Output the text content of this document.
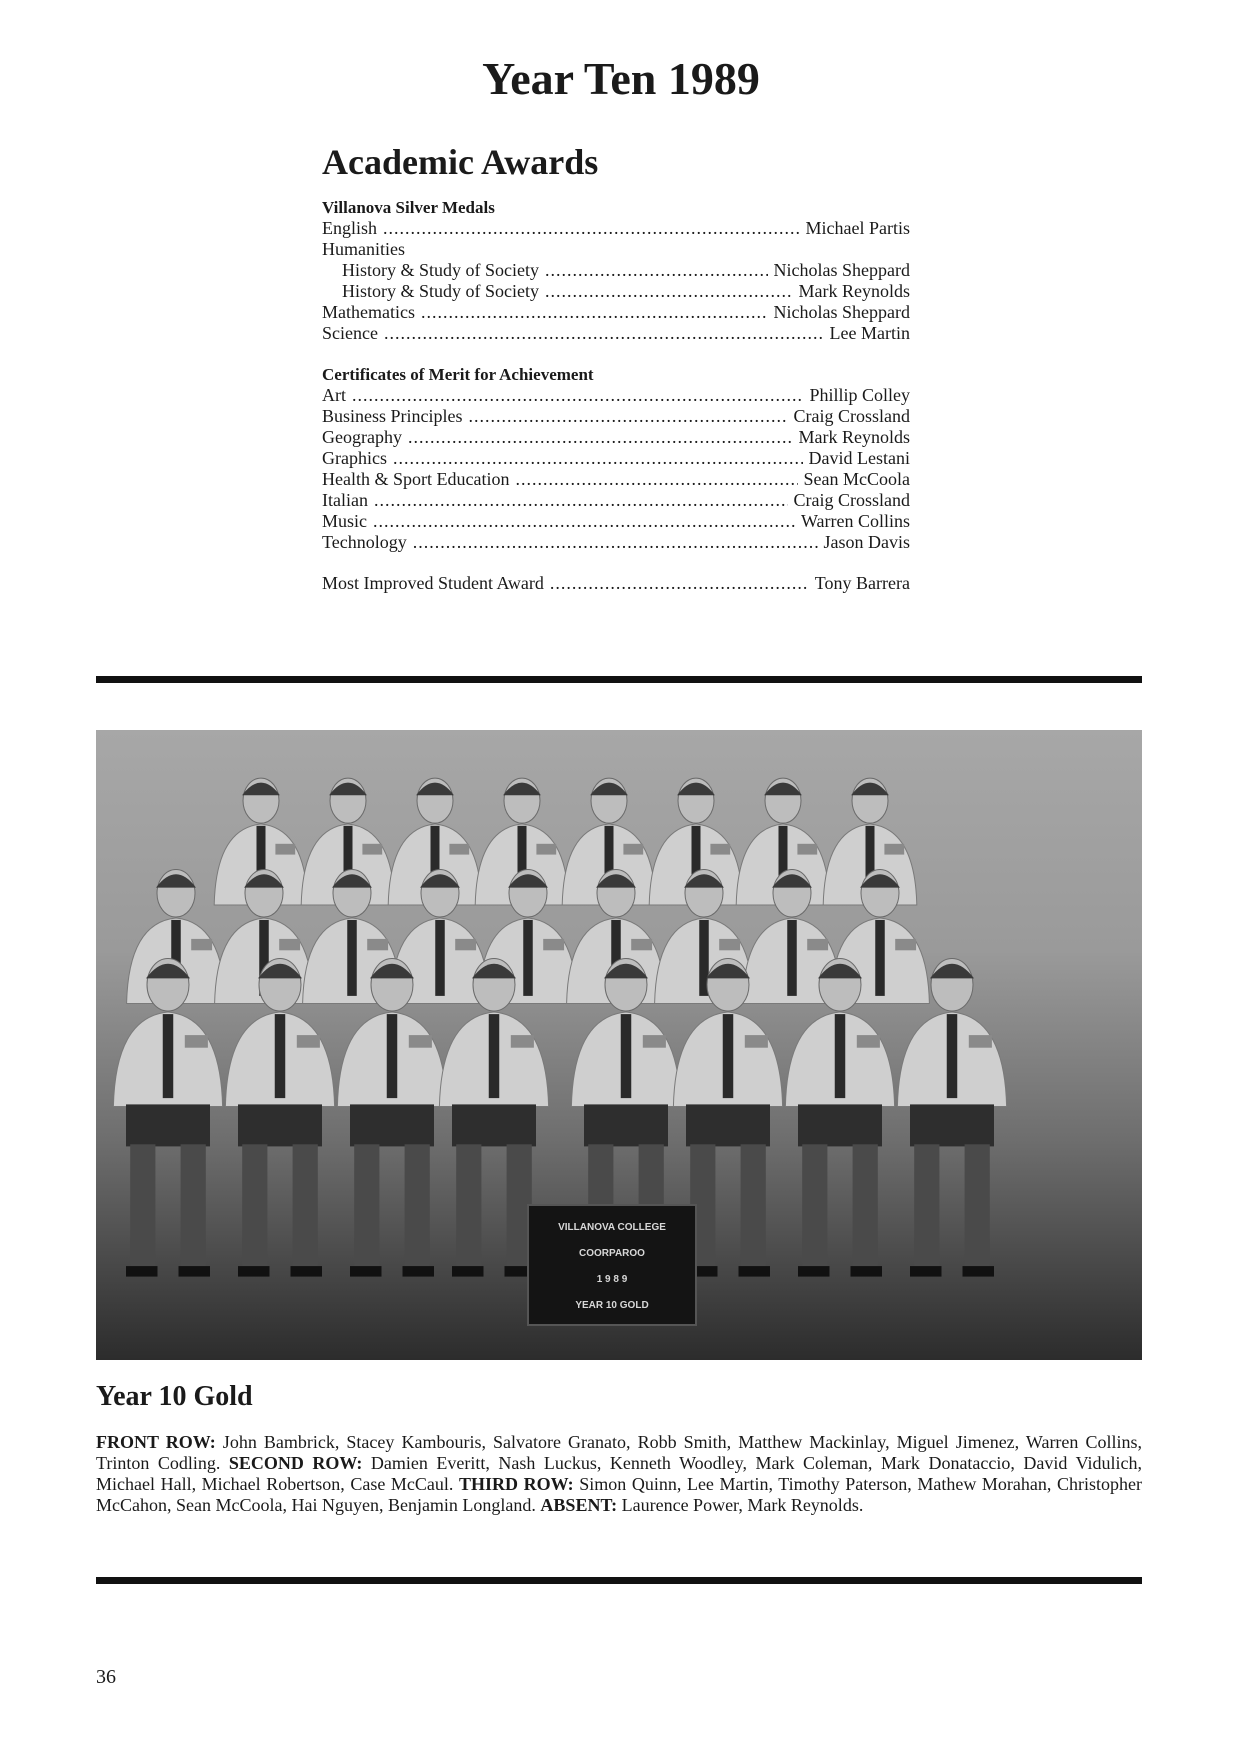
Year Ten 1989
Academic Awards
Villanova Silver Medals
English .....	Michael Partis
Humanities
History & Study of Society .....	Nicholas Sheppard
History & Study of Society .....	Mark Reynolds
Mathematics .....	Nicholas Sheppard
Science .....	Lee Martin
Certificates of Merit for Achievement
Art .....	Phillip Colley
Business Principles .....	Craig Crossland
Geography .....	Mark Reynolds
Graphics .....	David Lestani
Health & Sport Education .....	Sean McCoola
Italian .....	Craig Crossland
Music .....	Warren Collins
Technology .....	Jason Davis
Most Improved Student Award .....	Tony Barrera
VILLANOVA COLLEGE
COORPAROO
1 9 8 9
YEAR 10 GOLD
Year 10 Gold
FRONT ROW: John Bambrick, Stacey Kambouris, Salvatore Granato, Robb Smith, Matthew Mackinlay, Miguel Jimenez, Warren Collins, Trinton Codling. SECOND ROW: Damien Everitt, Nash Luckus, Kenneth Woodley, Mark Coleman, Mark Donataccio, David Vidulich, Michael Hall, Michael Robertson, Case McCaul. THIRD ROW: Simon Quinn, Lee Martin, Timothy Paterson, Mathew Morahan, Christopher McCahon, Sean McCoola, Hai Nguyen, Benjamin Longland. ABSENT: Laurence Power, Mark Reynolds.
36
